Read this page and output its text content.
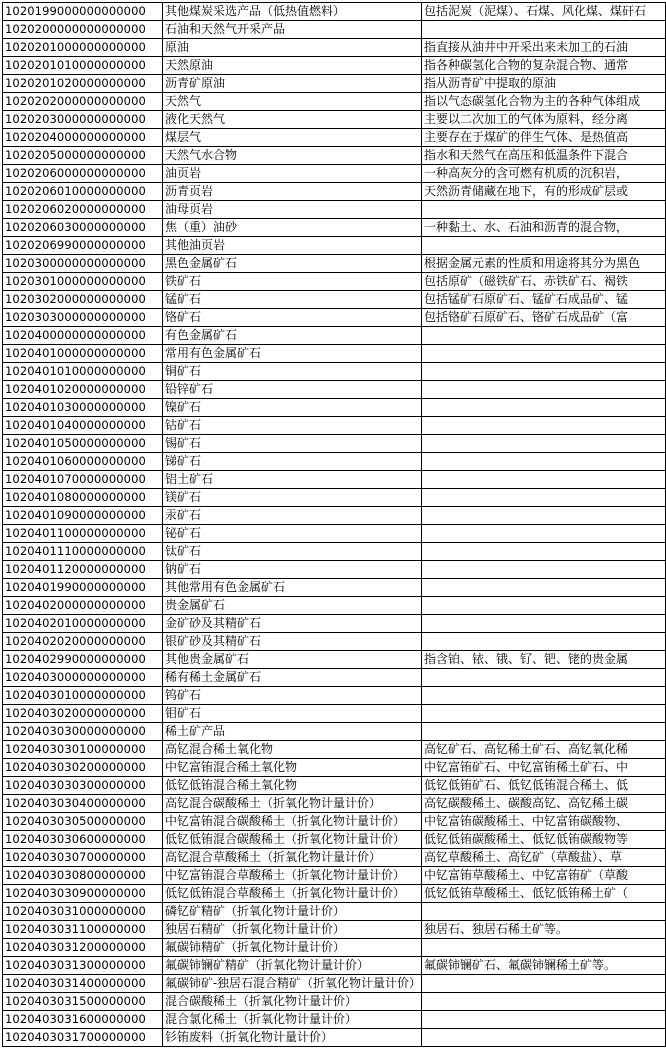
1020199000000000000	其他煤炭采选产品（低热值燃料）	包括泥炭（泥煤）、石煤、风化煤、煤矸石
1020200000000000000	石油和天然气开采产品	
1020201000000000000	原油	指直接从油井中开采出来未加工的石油
1020201010000000000	天然原油	指各种碳氢化合物的复杂混合物、通常
1020201020000000000	沥青矿原油	指从沥青矿中提取的原油
1020202000000000000	天然气	指以气态碳氢化合物为主的各种气体组成
1020203000000000000	液化天然气	主要以二次加工的气体为原料，经分离
1020204000000000000	煤层气	主要存在于煤矿的伴生气体、是热值高
1020205000000000000	天然气水合物	指水和天然气在高压和低温条件下混合
1020206000000000000	油页岩	一种高灰分的含可燃有机质的沉积岩，
1020206010000000000	沥青页岩	天然沥青储藏在地下，有的形成矿层或
1020206020000000000	油母页岩	
1020206030000000000	焦（重）油砂	一种黏土、水、石油和沥青的混合物，
1020206990000000000	其他油页岩	
1020300000000000000	黑色金属矿石	根据金属元素的性质和用途将其分为黑色
1020301000000000000	铁矿石	包括原矿（磁铁矿石、赤铁矿石、褐铁
1020302000000000000	锰矿石	包括锰矿石原矿石、锰矿石成品矿、锰
1020303000000000000	铬矿石	包括铬矿石原矿石、铬矿石成品矿（富
1020400000000000000	有色金属矿石	
1020401000000000000	常用有色金属矿石	
1020401010000000000	铜矿石	
1020401020000000000	铅锌矿石	
1020401030000000000	镍矿石	
1020401040000000000	钴矿石	
1020401050000000000	锡矿石	
1020401060000000000	锑矿石	
1020401070000000000	铝土矿石	
1020401080000000000	镁矿石	
1020401090000000000	汞矿石	
1020401100000000000	铋矿石	
1020401110000000000	钛矿石	
1020401120000000000	钠矿石	
1020401990000000000	其他常用有色金属矿石	
1020402000000000000	贵金属矿石	
1020402010000000000	金矿砂及其精矿石	
1020402020000000000	银矿砂及其精矿石	
1020402990000000000	其他贵金属矿石	指含铂、铱、锇、钌、钯、铑的贵金属
1020403000000000000	稀有稀土金属矿石	
1020403010000000000	钨矿石	
1020403020000000000	钼矿石	
1020403030000000000	稀土矿产品	
1020403030100000000	高钇混合稀土氧化物	高钇矿石、高钇稀土矿石、高钇氧化稀
1020403030200000000	中钇富铕混合稀土氧化物	中钇富铕矿石、中钇富铕稀土矿石、中
1020403030300000000	低钇低铕混合稀土氧化物	低钇低铕矿石、低钇低铕混合稀土、低
1020403030400000000	高钇混合碳酸稀土（折氧化物计量计价）	高钇碳酸稀土、碳酸高钇、高钇稀土碳
1020403030500000000	中钇富铕混合碳酸稀土（折氧化物计量计价）	中钇富铕碳酸稀土、中钇富铕碳酸物、
1020403030600000000	低钇低铕混合碳酸稀土（折氧化物计量计价）	低钇低铕碳酸稀土、低钇低铕碳酸物等
1020403030700000000	高钇混合草酸稀土（折氧化物计量计价）	高钇草酸稀土、高钇矿（草酸盐）、草
1020403030800000000	中钇富铕混合草酸稀土（折氧化物计量计价）	中钇富铕草酸稀土、中钇富铕矿（草酸
1020403030900000000	低钇低铕混合草酸稀土（折氧化物计量计价）	低钇低铕草酸稀土、低钇低铕稀土矿（
1020403031000000000	磷钇矿精矿（折氧化物计量计价）	
1020403031100000000	独居石精矿（折氧化物计量计价）	独居石、独居石稀土矿等。
1020403031200000000	氟碳铈精矿（折氧化物计量计价）	
1020403031300000000	氟碳铈镧矿精矿（折氧化物计量计价）	氟碳铈镧矿石、氟碳铈镧稀土矿等。
1020403031400000000	氟碳铈矿-独居石混合精矿（折氧化物计量计价）	
1020403031500000000	混合碳酸稀土（折氧化物计量计价）	
1020403031600000000	混合氯化稀土（折氧化物计量计价）	
1020403031700000000	钐铕废料（折氧化物计量计价）	
